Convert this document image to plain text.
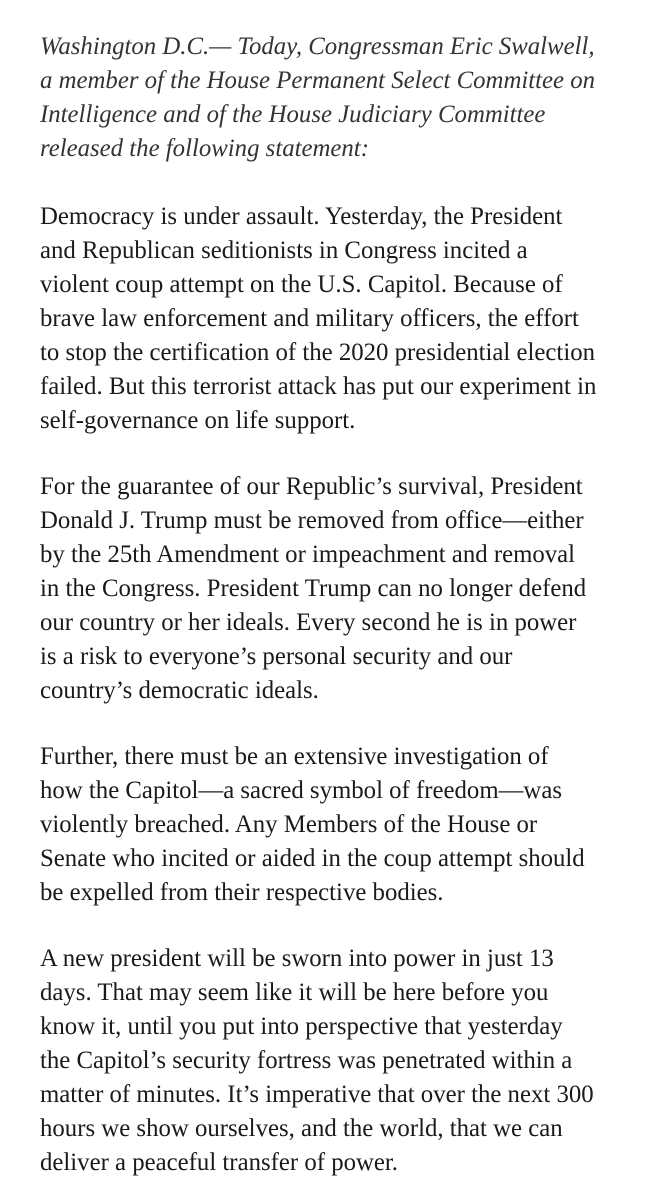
Washington D.C.— Today, Congressman Eric Swalwell,
a member of the House Permanent Select Committee on
Intelligence and of the House Judiciary Committee
released the following statement:
Democracy is under assault. Yesterday, the President
and Republican seditionists in Congress incited a
violent coup attempt on the U.S. Capitol. Because of
brave law enforcement and military officers, the effort
to stop the certification of the 2020 presidential election
failed. But this terrorist attack has put our experiment in
self-governance on life support.
For the guarantee of our Republic’s survival, President
Donald J. Trump must be removed from office—either
by the 25th Amendment or impeachment and removal
in the Congress. President Trump can no longer defend
our country or her ideals. Every second he is in power
is a risk to everyone’s personal security and our
country’s democratic ideals.
Further, there must be an extensive investigation of
how the Capitol—a sacred symbol of freedom—was
violently breached. Any Members of the House or
Senate who incited or aided in the coup attempt should
be expelled from their respective bodies.
A new president will be sworn into power in just 13
days. That may seem like it will be here before you
know it, until you put into perspective that yesterday
the Capitol’s security fortress was penetrated within a
matter of minutes. It’s imperative that over the next 300
hours we show ourselves, and the world, that we can
deliver a peaceful transfer of power.
